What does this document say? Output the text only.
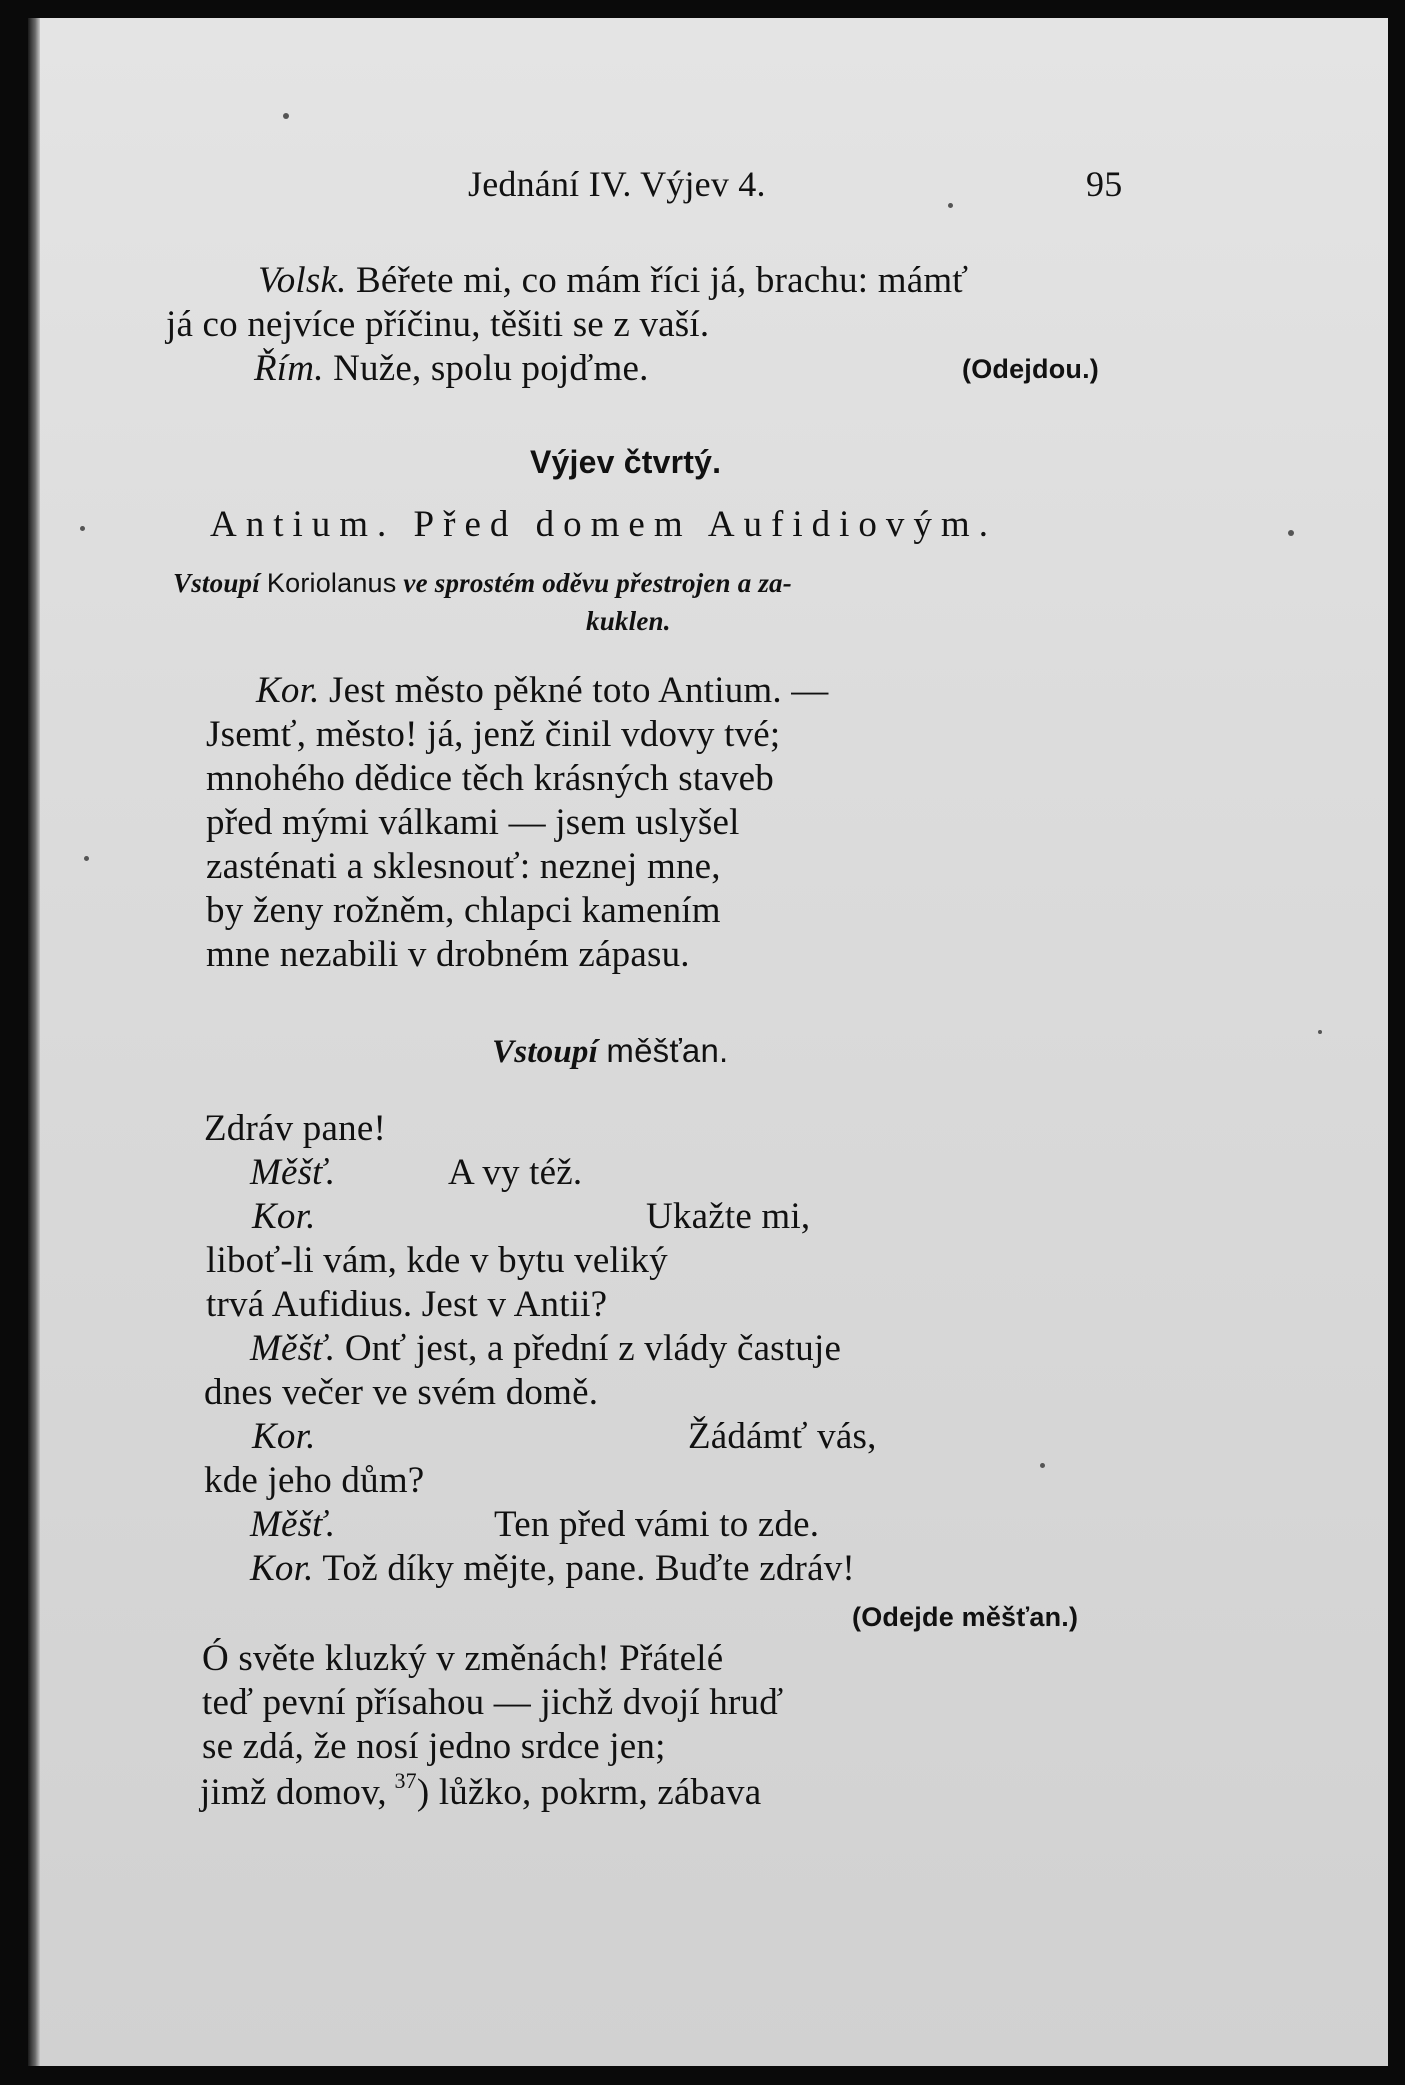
Jednání IV. Výjev 4.	95
Volsk. Béřete mi, co mám říci já, brachu: mámť
já co nejvíce příčinu, těšiti se z vaší.
Řím. Nuže, spolu pojďme.	(Odejdou.)
Výjev čtvrtý.
Antium. Před domem Aufidiovým.
Vstoupí Koriolanus ve sprostém oděvu přestrojen a za-
kuklen.
Kor. Jest město pěkné toto Antium. —
Jsemť, město! já, jenž činil vdovy tvé;
mnohého dědice těch krásných staveb
před mými válkami — jsem uslyšel
zasténati a sklesnouť: neznej mne,
by ženy rožněm, chlapci kamením
mne nezabili v drobném zápasu.
Vstoupí měšťan.
Zdráv pane!
Měšť.	A vy též.
Kor.	Ukažte mi,
liboť-li vám, kde v bytu veliký
trvá Aufidius. Jest v Antii?
Měšť. Onť jest, a přední z vlády častuje
dnes večer ve svém domě.
Kor.	Žádámť vás,
kde jeho dům?
Měšť.	Ten před vámi to zde.
Kor. Tož díky mějte, pane. Buďte zdráv!
(Odejde měšťan.)
Ó světe kluzký v změnách! Přátelé
teď pevní přísahou — jichž dvojí hruď
se zdá, že nosí jedno srdce jen;
jimž domov,  $^{37}$) lůžko, pokrm, zábava
